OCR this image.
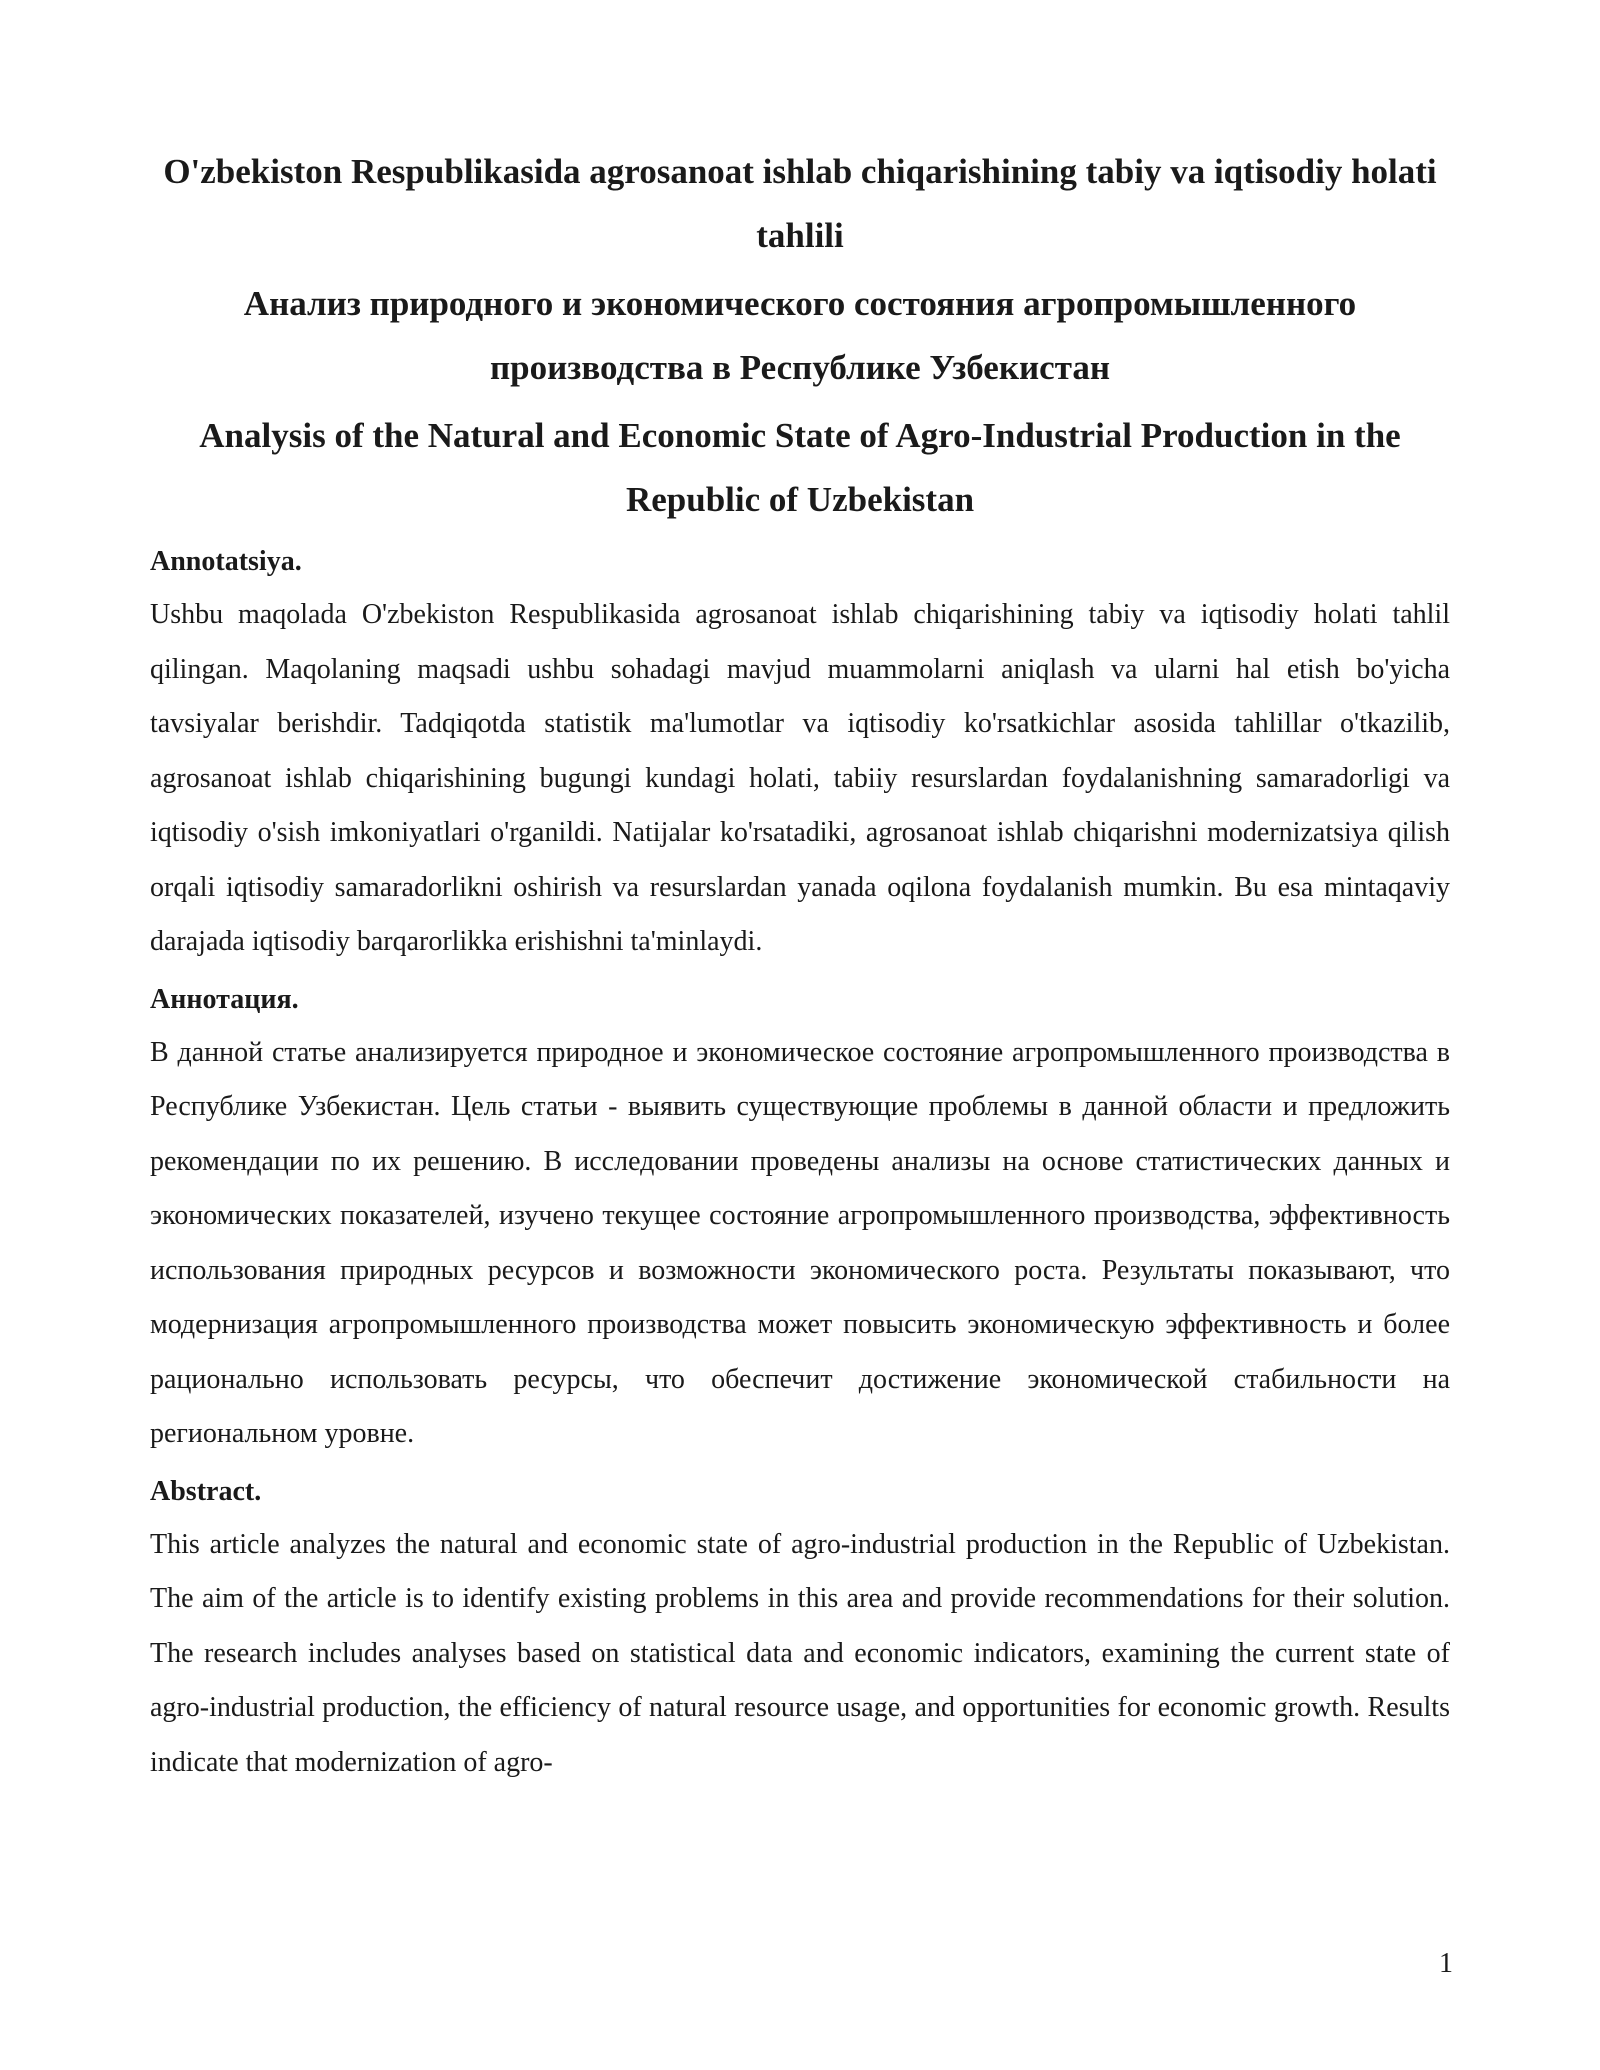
O'zbekiston Respublikasida agrosanoat ishlab chiqarishining tabiy va iqtisodiy holati tahlili
Анализ природного и экономического состояния агропромышленного производства в Республике Узбекистан
Analysis of the Natural and Economic State of Agro-Industrial Production in the Republic of Uzbekistan
Annotatsiya.

Ushbu maqolada O'zbekiston Respublikasida agrosanoat ishlab chiqarishining tabiy va iqtisodiy holati tahlil qilingan. Maqolaning maqsadi ushbu sohadagi mavjud muammolarni aniqlash va ularni hal etish bo'yicha tavsiyalar berishdir. Tadqiqotda statistik ma'lumotlar va iqtisodiy ko'rsatkichlar asosida tahlillar o'tkazilib, agrosanoat ishlab chiqarishining bugungi kundagi holati, tabiiy resurslardan foydalanishning samaradorligi va iqtisodiy o'sish imkoniyatlari o'rganildi. Natijalar ko'rsatadiki, agrosanoat ishlab chiqarishni modernizatsiya qilish orqali iqtisodiy samaradorlikni oshirish va resurslardan yanada oqilona foydalanish mumkin. Bu esa mintaqaviy darajada iqtisodiy barqarorlikka erishishni ta'minlaydi.

Аннотация.

В данной статье анализируется природное и экономическое состояние агропромышленного производства в Республике Узбекистан. Цель статьи - выявить существующие проблемы в данной области и предложить рекомендации по их решению. В исследовании проведены анализы на основе статистических данных и экономических показателей, изучено текущее состояние агропромышленного производства, эффективность использования природных ресурсов и возможности экономического роста. Результаты показывают, что модернизация агропромышленного производства может повысить экономическую эффективность и более рационально использовать ресурсы, что обеспечит достижение экономической стабильности на региональном уровне.

Abstract.

This article analyzes the natural and economic state of agro-industrial production in the Republic of Uzbekistan. The aim of the article is to identify existing problems in this area and provide recommendations for their solution. The research includes analyses based on statistical data and economic indicators, examining the current state of agro-industrial production, the efficiency of natural resource usage, and opportunities for economic growth. Results indicate that modernization of agro-

1
